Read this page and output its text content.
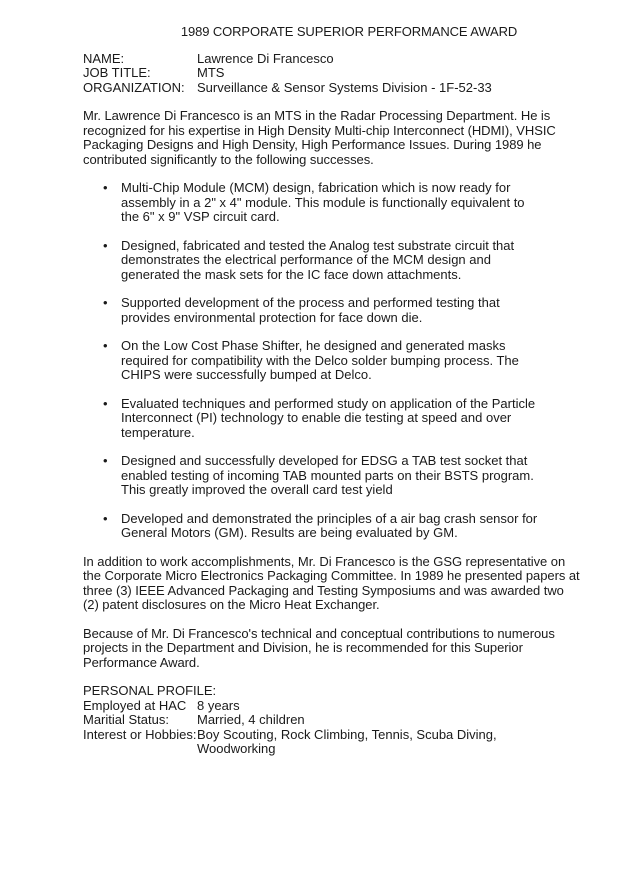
1989 CORPORATE SUPERIOR PERFORMANCE AWARD
NAME:	Lawrence Di Francesco
JOB TITLE:	MTS
ORGANIZATION: Surveillance & Sensor Systems Division - 1F-52-33

Mr. Lawrence Di Francesco is an MTS in the Radar Processing Department. He is recognized for his expertise in High Density Multi-chip Interconnect (HDMI), VHSIC Packaging Designs and High Density, High Performance Issues. During 1989 he contributed significantly to the following successes.

• Multi-Chip Module (MCM) design, fabrication which is now ready for assembly in a 2" x 4" module. This module is functionally equivalent to the 6" x 9" VSP circuit card.
• Designed, fabricated and tested the Analog test substrate circuit that demonstrates the electrical performance of the MCM design and generated the mask sets for the IC face down attachments.
• Supported development of the process and performed testing that provides environmental protection for face down die.
• On the Low Cost Phase Shifter, he designed and generated masks required for compatibility with the Delco solder bumping process. The CHIPS were successfully bumped at Delco.
• Evaluated techniques and performed study on application of the Particle Interconnect (PI) technology to enable die testing at speed and over temperature.
• Designed and successfully developed for EDSG a TAB test socket that enabled testing of incoming TAB mounted parts on their BSTS program. This greatly improved the overall card test yield
• Developed and demonstrated the principles of a air bag crash sensor for General Motors (GM). Results are being evaluated by GM.

In addition to work accomplishments, Mr. Di Francesco is the GSG representative on the Corporate Micro Electronics Packaging Committee. In 1989 he presented papers at three (3) IEEE Advanced Packaging and Testing Symposiums and was awarded two (2) patent disclosures on the Micro Heat Exchanger.

Because of Mr. Di Francesco's technical and conceptual contributions to numerous projects in the Department and Division, he is recommended for this Superior Performance Award.

PERSONAL PROFILE:
Employed at HAC 8 years
Maritial Status:	Married, 4 children
Interest or Hobbies: Boy Scouting, Rock Climbing, Tennis, Scuba Diving, Woodworking
